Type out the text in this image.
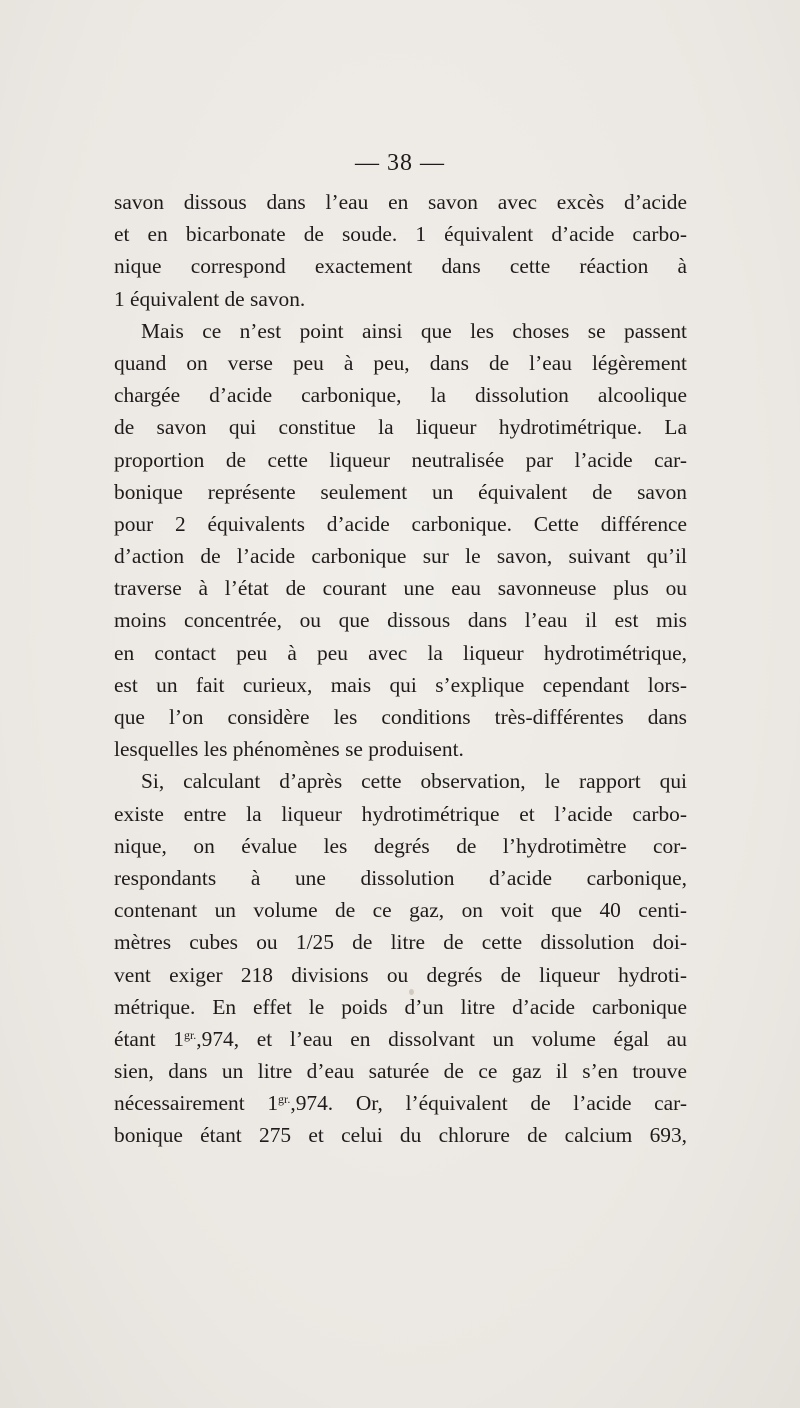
— 38 —
savon dissous dans l’eau en savon avec excès d’acide
et en bicarbonate de soude. 1 équivalent d’acide carbo-
nique correspond exactement dans cette réaction à
1 équivalent de savon.
Mais ce n’est point ainsi que les choses se passent
quand on verse peu à peu, dans de l’eau légèrement
chargée d’acide carbonique, la dissolution alcoolique
de savon qui constitue la liqueur hydrotimétrique. La
proportion de cette liqueur neutralisée par l’acide car-
bonique représente seulement un équivalent de savon
pour 2 équivalents d’acide carbonique. Cette différence
d’action de l’acide carbonique sur le savon, suivant qu’il
traverse à l’état de courant une eau savonneuse plus ou
moins concentrée, ou que dissous dans l’eau il est mis
en contact peu à peu avec la liqueur hydrotimétrique,
est un fait curieux, mais qui s’explique cependant lors-
que l’on considère les conditions très-différentes dans
lesquelles les phénomènes se produisent.
Si, calculant d’après cette observation, le rapport qui
existe entre la liqueur hydrotimétrique et l’acide carbo-
nique, on évalue les degrés de l’hydrotimètre cor-
respondants à une dissolution d’acide carbonique,
contenant un volume de ce gaz, on voit que 40 centi-
mètres cubes ou 1/25 de litre de cette dissolution doi-
vent exiger 218 divisions ou degrés de liqueur hydroti-
métrique. En effet le poids d’un litre d’acide carbonique
étant $1^{gr.},974$, et l’eau en dissolvant un volume égal au
sien, dans un litre d’eau saturée de ce gaz il s’en trouve
nécessairement $1^{gr.},974$. Or, l’équivalent de l’acide car-
bonique étant 275 et celui du chlorure de calcium 693,
